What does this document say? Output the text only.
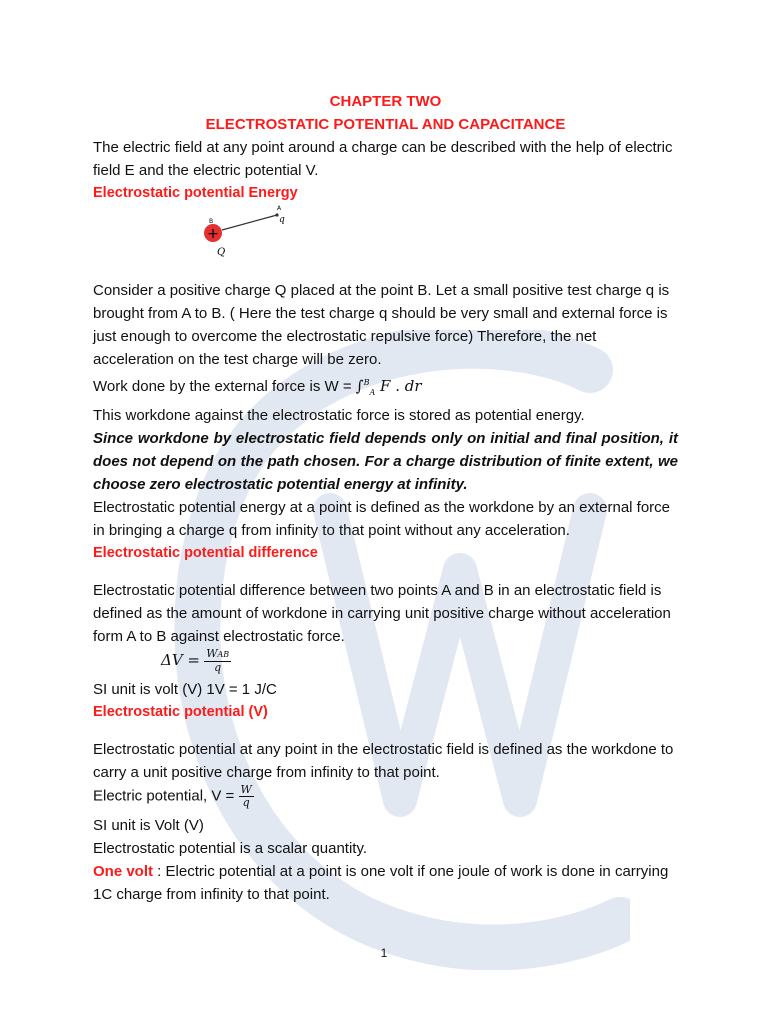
CHAPTER TWO

ELECTROSTATIC POTENTIAL AND CAPACITANCE

The electric field at any point around a charge can be described with the help of electric field E and the electric potential V.

Electrostatic potential Energy

+
B
A
q
Q

Consider a positive charge Q placed at the point B. Let a small positive test charge q is brought from A to B. ( Here the test charge q should be very small and external force is just enough to overcome the electrostatic repulsive force) Therefore, the net acceleration on the test charge will be zero.

Work done by the external force is W = ∫$^B_A$ F . dr

This workdone against the electrostatic force is stored as potential energy.

Since workdone by electrostatic field depends only on initial and final position, it does not depend on the path chosen. For a charge distribution of finite extent, we choose zero electrostatic potential energy at infinity.

Electrostatic potential energy at a point is defined as the workdone by an external force in bringing a charge q from infinity to that point without any acceleration.

Electrostatic potential difference

Electrostatic potential difference between two points A and B in an electrostatic field is defined as the amount of workdone in carrying unit positive charge without acceleration form A to B against electrostatic force.

$\Delta V = \frac{\text{WAB}}{q}$

SI unit is volt (V) 1V = 1 J/C

Electrostatic potential (V)

Electrostatic potential at any point in the electrostatic field is defined as the workdone to carry a unit positive charge from infinity to that point.

Electric potential, $V = \frac{W}{q}$

SI unit is Volt (V)

Electrostatic potential is a scalar quantity.

One volt : Electric potential at a point is one volt if one joule of work is done in carrying 1C charge from infinity to that point.

1
